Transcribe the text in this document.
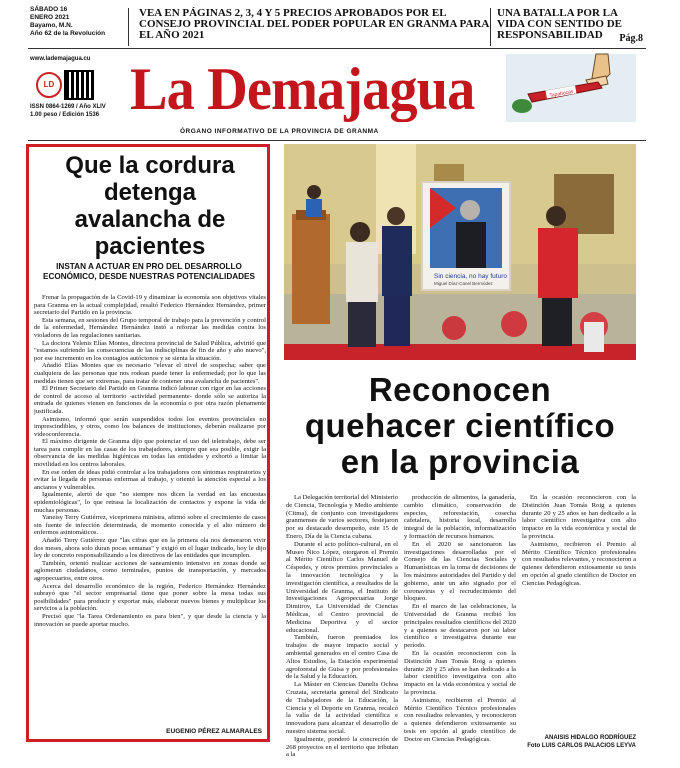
SÁBADO 16
ENERO 2021
Bayamo, M.N.
Año 62 de la Revolución
VEA EN PÁGINAS 2, 3, 4 Y 5 PRECIOS APROBADOS POR EL CONSEJO PROVINCIAL DEL PODER POPULAR EN GRANMA PARA EL AÑO 2021
UNA BATALLA POR LA VIDA CON SENTIDO DE RESPONSABILIDAD Pág.8
www.lademajagua.cu
ISSN 0864-1269 / Año XLIV
1.00 peso / Edición 1536
LD La Demajagua
ÓRGANO INFORMATIVO DE LA PROVINCIA DE GRANMA
Tapabocas
Que la cordura detenga avalancha de pacientes
INSTAN A ACTUAR EN PRO DEL DESARROLLO ECONÓMICO, DESDE NUESTRAS POTENCIALIDADES

Frenar la propagación de la Covid-19 y dinamizar la economía son objetivos vitales para Granma en la actual complejidad, resaltó Federico Hernández Hernández, primer secretario del Partido en la provincia.

Esta semana, en sesiones del Grupo temporal de trabajo para la prevención y control de la enfermedad, Hernández Hernández instó a reforzar las medidas contra los violadores de las regulaciones sanitarias.

La doctora Yelenis Elías Montes, directora provincial de Salud Pública, advirtió que "estamos sufriendo las consecuencias de las indisciplinas de fin de año y año nuevo", por ese incremento en los contagios autóctonos y se sienta la situación.

Añadió Elías Montes que es necesario "elevar el nivel de sospecha; saber que cualquiera de las personas que nos rodean puede tener la enfermedad; por lo que las medidas tienen que ser extremas, para tratar de contener una avalancha de pacientes".

El Primer Secretario del Partido en Granma indicó laborar con rigor en las acciones de control de acceso al territorio -actividad permanente- donde sólo se autoriza la entrada de quienes vienen en funciones de la economía o por otra razón plenamente justificada.

Asimismo, informó que serán suspendidos todos los eventos provinciales no imprescindibles, y otros, como los balances de instituciones, deberán realizarse por videoconferencia.

El máximo dirigente de Granma dijo que potenciar el uso del teletrabajo, debe ser tarea para cumplir en las casas de los trabajadores, siempre que sea posible, exigir la observancia de las medidas higiénicas en todas las entidades y exhortó a limitar la movilidad en los centros laborales.

En ese orden de ideas pidió controlar a los trabajadores con síntomas respiratorios y evitar la llegada de personas enfermas al trabajo, y orientó la atención especial a los ancianos y vulnerables.

Igualmente, alertó de que "no siempre nos dicen la verdad en las encuestas epidemiológicas", lo que retrasa la localización de contactos y expone la vida de muchas personas.

Yaneisy Terry Gutiérrez, viceprimera ministra, afirmó sobre el crecimiento de casos sin fuente de infección determinada, de momento conocida y el alto número de enfermos asintomáticos.

Añadió Terry Gutiérrez que "las cifras que en la primera ola nos demoraron vivir dos meses, ahora solo duran pocas semanas" y exigió en el lugar indicado, hoy le dijo ley de concreto responsabilizando a los directivos de las entidades que incumplen.

También, orientó realizar acciones de saneamiento intensivo en zonas donde se aglomeran ciudadanos, como terminales, puntos de transportación, y mercados agropecuarios, entre otros.

Acerca del desarrollo económico de la región, Federico Hernández Hernández subrayó que "el sector empresarial tiene que poner sobre la mesa todas sus posibilidades" para producir y exportar más, elaborar nuevos bienes y multiplicar los servicios a la población.

Precisó que "la Tarea Ordenamiento es para bien", y que desde la ciencia y la innovación se puede aportar mucho.

EUGENIO PÉREZ ALMARALES
Sin ciencia, no hay futuro
Miguel Díaz-Canel Bermúdez
Reconocen quehacer científico en la provincia

La Delegación territorial del Ministerio de Ciencia, Tecnología y Medio ambiente (Citma), de conjunto con investigadores granmenses de varios sectores, festejaron por su destacado desempeño, este 15 de Enero, Día de la Ciencia cubana.

Durante el acto político-cultural, en el Museo Ñico López, otorgaron el Premio al Mérito Científico Carlos Manuel de Céspedes, y otros premios provinciales a la innovación tecnológica y la investigación científica, a resultados de la Universidad de Granma, el Instituto de Investigaciones Agropecuarias Jorge Dimitrov, La Universidad de Ciencias Médicas, el Centro provincial de Medicina Deportiva y el sector educacional.

También, fueron premiados los trabajos de mayor impacto social y ambiental generados en el centro Casa de Altos Estudios, la Estación experimental agroforestal de Guisa y por profesionales de la Salud y la Educación.

La Máster en Ciencias Danelis Ochoa Cruzata, secretaria general del Sindicato de Trabajadores de la Educación, la Ciencia y el Deporte en Granma, recalcó la valía de la actividad científica e innovadora para alcanzar el desarrollo de nuestro sistema social.

Igualmente, ponderó la concreción de 268 proyectos en el territorio que tributan a la

producción de alimentos, la ganadería, cambio climático, conservación de especies, reforestación, cosecha cafetalera, historia local, desarrollo integral de la población, informatización y formación de recursos humanos.

En el 2020 se sancionaron las investigaciones desarrolladas por el Consejo de las Ciencias Sociales y Humanísticas en la toma de decisiones de los máximos autoridades del Partido y del gobierno, ante un año signado por el coronavirus y el recrudecimiento del bloqueo.

En el marco de las celebraciones, la Universidad de Granma recibió los principales resultados científicos del 2020 y a quienes se destacaron por su labor científico e investigativa durante ese período.

En la ocasión reconocieron con la Distinción Juan Tomás Roig a quienes durante 20 y 25 años se han dedicado a la labor científico investigativa con alto impacto en la vida económica y social de la provincia.

Asimismo, recibieron el Premio al Mérito Científico Técnico profesionales con resultados relevantes, y reconocieron a quienes defendieron exitosamente su tesis en opción al grado científico de Doctor en Ciencias Pedagógicas.

En la ocasión reconocieron con la Distinción Juan Tomás Roig a quienes durante 20 y 25 años se han dedicado a la labor científico investigativa con alto impacto en la vida económica y social de la provincia.

Asimismo, recibieron el Premio al Mérito Científico Técnico profesionales con resultados relevantes, y reconocieron a quienes defendieron exitosamente su tesis en opción al grado científico de Doctor en Ciencias Pedagógicas.

ANAISIS HIDALGO RODRÍGUEZ
Foto LUIS CARLOS PALACIOS LEYVA
